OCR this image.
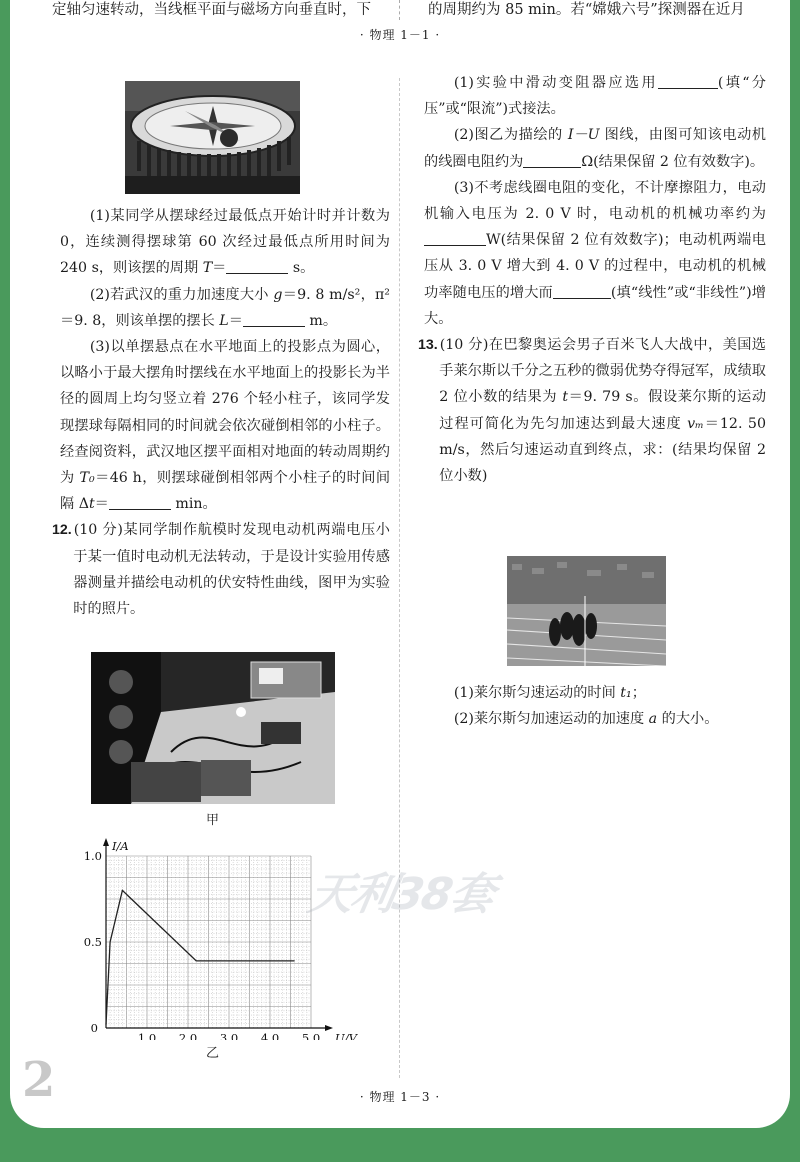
定轴匀速转动，当线框平面与磁场方向垂直时，下	的周期约为 85 min。若“嫦娥六号”探测器在近月
· 物理 1－1 ·

(1)某同学从摆球经过最低点开始计时并计数为 0，连续测得摆球第 60 次经过最低点所用时间为 240 s，则该摆的周期 T＝	s。

(2)若武汉的重力加速度大小 g＝9. 8 m/s²，π²＝9. 8，则该单摆的摆长 L＝	m。

(3)以单摆悬点在水平地面上的投影点为圆心，以略小于最大摆角时摆线在水平地面上的投影长为半径的圆周上均匀竖立着 276 个轻小柱子，该同学发现摆球每隔相同的时间就会依次碰倒相邻的小柱子。经查阅资料，武汉地区摆平面相对地面的转动周期约为 T₀＝46 h，则摆球碰倒相邻两个小柱子的时间间隔 Δt＝	min。

12. (10 分)某同学制作航模时发现电动机两端电压小于某一值时电动机无法转动，于是设计实验用传感器测量并描绘电动机的伏安特性曲线，图甲为实验时的照片。

甲
1.0 2.0 3.0 4.0 5.0
0.5
1.0
0
U/V
I/A
乙
天利38套

(1)实验中滑动变阻器应选用	(填“分压”或“限流”)式接法。

(2)图乙为描绘的 I－U 图线，由图可知该电动机的线圈电阻约为	Ω(结果保留 2 位有效数字)。

(3)不考虑线圈电阻的变化，不计摩擦阻力，电动机输入电压为 2. 0 V 时，电动机的机械功率约为W(结果保留 2 位有效数字)；电动机两端电压从 3. 0 V 增大到 4. 0 V 的过程中，电动机的机械功率随电压的增大而	(填“线性”或“非线性”)增大。

13. (10 分)在巴黎奥运会男子百米飞人大战中，美国选手莱尔斯以千分之五秒的微弱优势夺得冠军，成绩取 2 位小数的结果为 t＝9. 79 s。假设莱尔斯的运动过程可简化为先匀加速达到最大速度 vₘ＝12. 50 m/s，然后匀速运动直到终点，求：(结果均保留 2 位小数)

(1)莱尔斯匀速运动的时间 t₁；

(2)莱尔斯匀加速运动的加速度 a 的大小。

2	· 物理 1－3 ·
